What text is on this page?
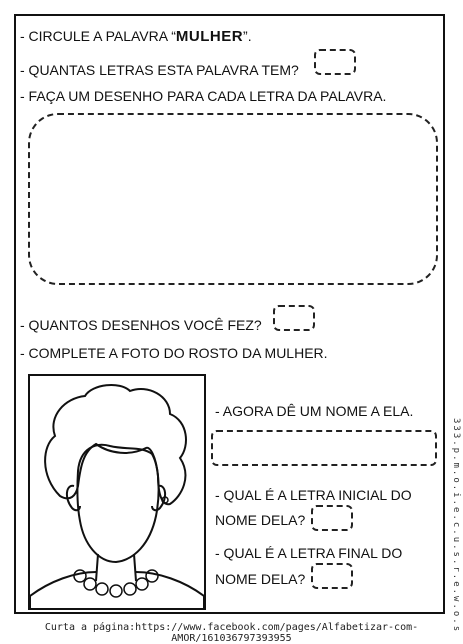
- CIRCULE A PALAVRA “MULHER”.
- QUANTAS LETRAS ESTA PALAVRA TEM?
- FAÇA UM DESENHO PARA CADA LETRA DA PALAVRA.
- QUANTOS DESENHOS VOCÊ FEZ?
- COMPLETE A FOTO DO ROSTO DA MULHER.
- AGORA DÊ UM NOME A ELA.
- QUAL É A LETRA INICIAL DO
NOME DELA?
- QUAL É A LETRA FINAL DO
NOME DELA?	333.p.m.o.i.e.c.u.s.r.e.w.o.s
Curta a página:https://www.facebook.com/pages/Alfabetizar-com-AMOR/161036797393955
